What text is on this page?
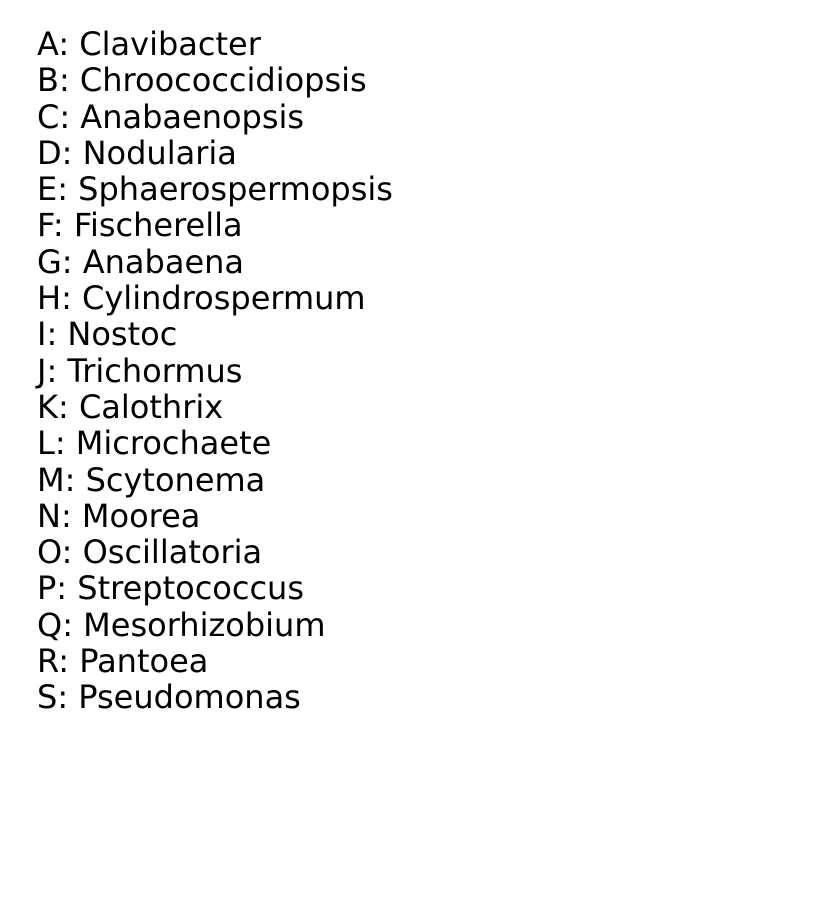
A: Clavibacter
B: Chroococcidiopsis
C: Anabaenopsis
D: Nodularia
E: Sphaerospermopsis
F: Fischerella
G: Anabaena
H: Cylindrospermum
I: Nostoc
J: Trichormus
K: Calothrix
L: Microchaete
M: Scytonema
N: Moorea
O: Oscillatoria
P: Streptococcus
Q: Mesorhizobium
R: Pantoea
S: Pseudomonas
